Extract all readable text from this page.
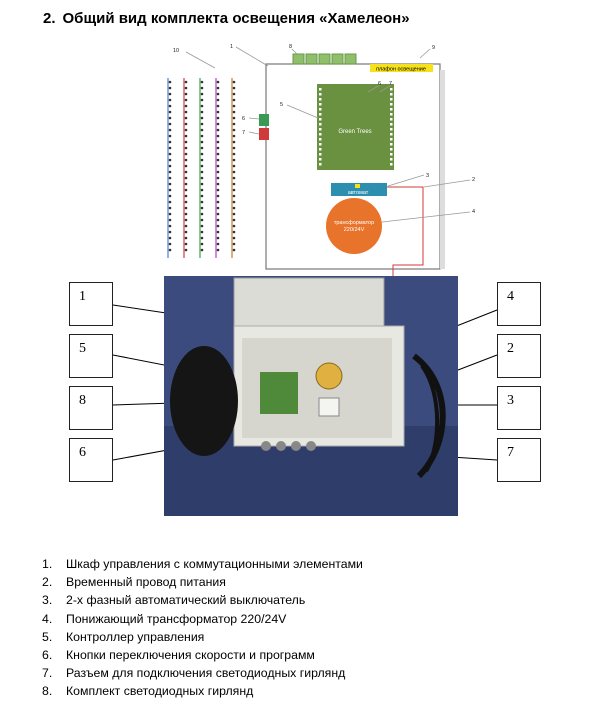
2. Общий вид комплекта освещения «Хамелеон»
плафон освещение
Green Trees
автомат
трансформатор
220/24V
10
1	8	9
5
6
7
6 7
3
2
4
1
5
8
6
4
2
3
7
1. Шкаф управления с коммутационными элементами
2. Временный провод питания
3. 2-х фазный автоматический выключатель
4. Понижающий трансформатор 220/24V
5. Контроллер управления
6. Кнопки переключения скорости и программ
7. Разъем для подключения светодиодных гирлянд
8. Комплект светодиодных гирлянд
